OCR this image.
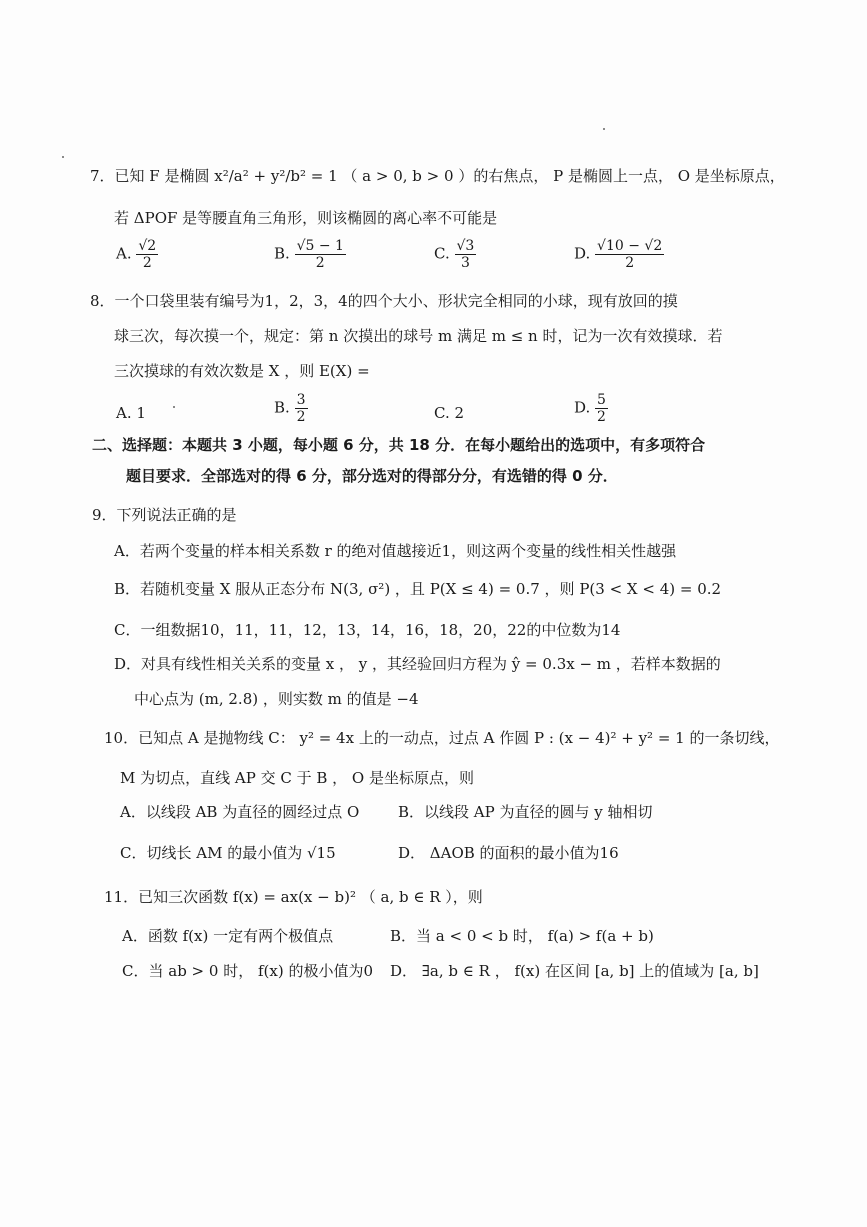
7．已知 F 是椭圆 x²/a² + y²/b² = 1 （ a > 0, b > 0 ）的右焦点， P 是椭圆上一点， O 是坐标原点，
若 ΔPOF 是等腰直角三角形，则该椭圆的离心率不可能是
A. $\frac{√2}{2}$	B. $\frac{√5 - 1}{2}$	C. $\frac{√3}{3}$	D. $\frac{√10 - √2}{2}$
8．一个口袋里装有编号为1，2，3，4的四个大小、形状完全相同的小球，现有放回的摸
球三次，每次摸一个，规定：第 n 次摸出的球号 m 满足 m ≤ n 时，记为一次有效摸球．若
三次摸球的有效次数是 X ，则 E(X) =
A. 1	B. $\frac{3}{2}$	C. 2	D. $\frac{5}{2}$
二、选择题：本题共 3 小题，每小题 6 分，共 18 分．在每小题给出的选项中，有多项符合
题目要求．全部选对的得 6 分，部分选对的得部分分，有选错的得 0 分．
9．下列说法正确的是
A．若两个变量的样本相关系数 r 的绝对值越接近1，则这两个变量的线性相关性越强
B．若随机变量 X 服从正态分布 N(3, σ²) ，且 P(X ≤ 4) = 0.7 ，则 P(3 < X < 4) = 0.2
C．一组数据10，11，11，12，13，14，16，18，20，22的中位数为14
D．对具有线性相关关系的变量 x ， y ，其经验回归方程为 ŷ = 0.3x − m ，若样本数据的
中心点为 (m, 2.8) ，则实数 m 的值是 −4
10．已知点 A 是抛物线 C： y² = 4x 上的一动点，过点 A 作圆 P : (x − 4)² + y² = 1 的一条切线，
M 为切点，直线 AP 交 C 于 B ， O 是坐标原点，则
A．以线段 AB 为直径的圆经过点 O	B．以线段 AP 为直径的圆与 y 轴相切
C．切线长 AM 的最小值为 √15	D． ΔAOB 的面积的最小值为16
11．已知三次函数 f(x) = ax(x − b)² （ a, b ∈ R ），则
A．函数 f(x) 一定有两个极值点	B．当 a < 0 < b 时， f(a) > f(a + b)
C．当 ab > 0 时， f(x) 的极小值为0 D． ∃a, b ∈ R ， f(x) 在区间 [a, b] 上的值域为 [a, b]
